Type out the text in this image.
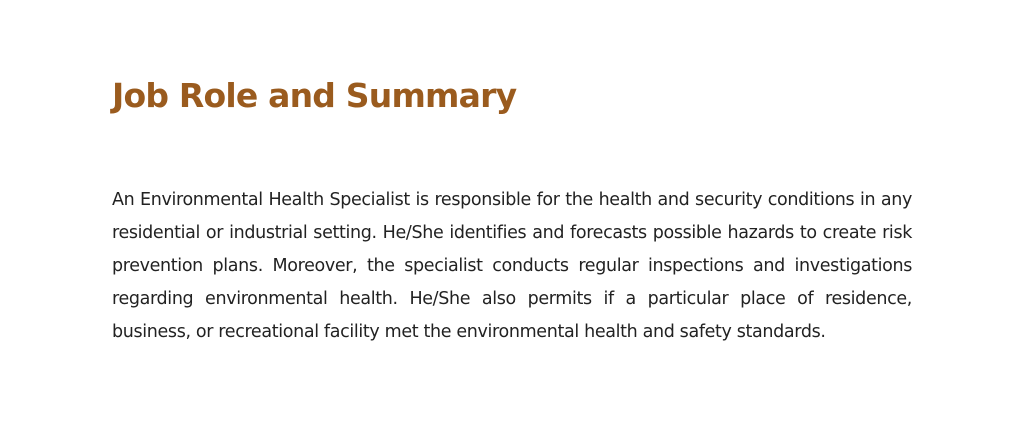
Job Role and Summary

An Environmental Health Specialist is responsible for the health and security conditions in any residential or industrial setting. He/She identifies and forecasts possible hazards to create risk prevention plans. Moreover, the specialist conducts regular inspections and investigations regarding environmental health. He/She also permits if a particular place of residence, business, or recreational facility met the environmental health and safety standards.
